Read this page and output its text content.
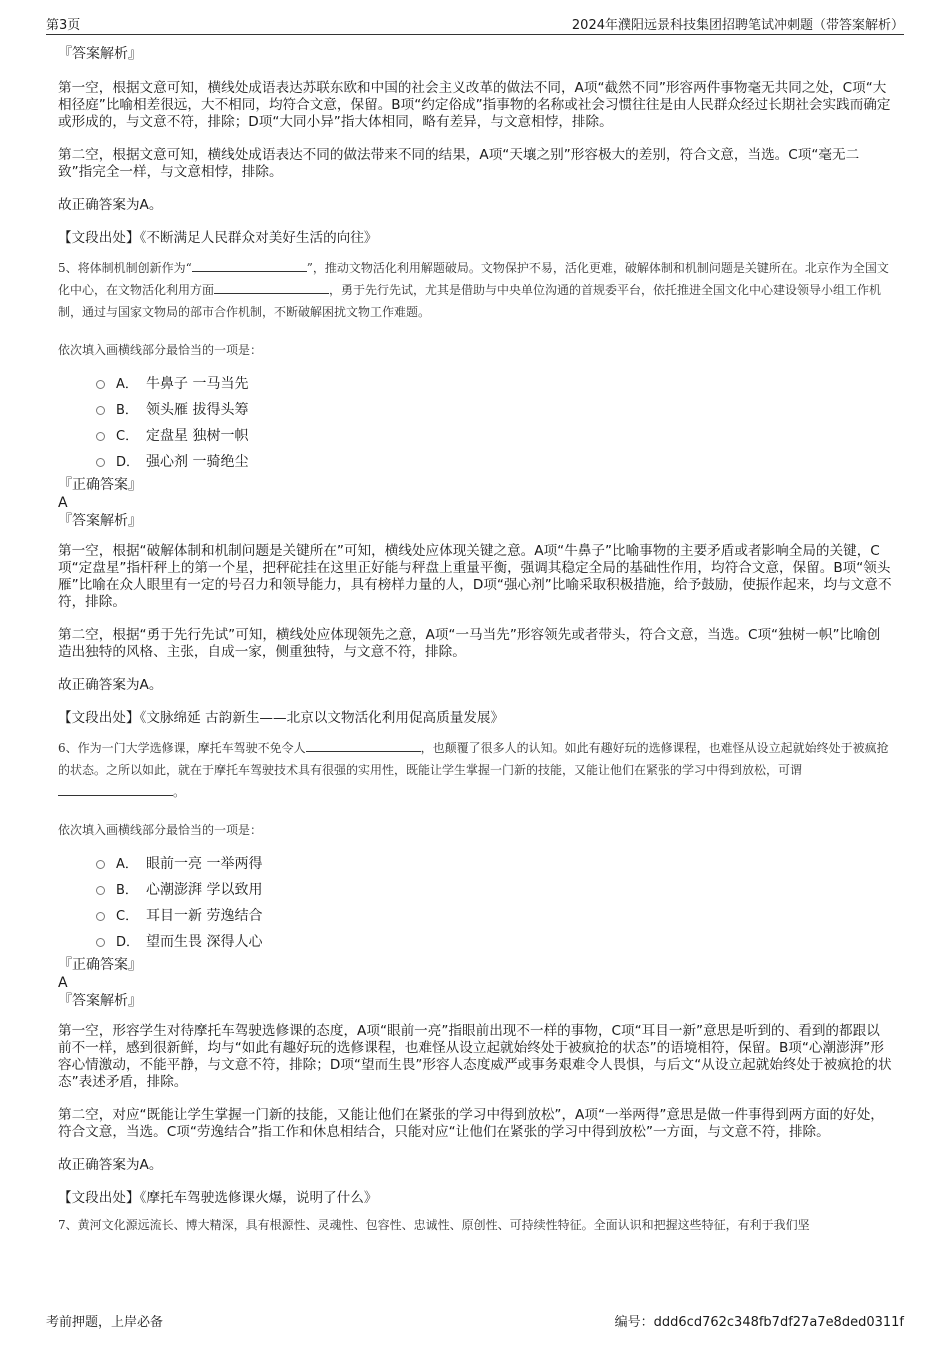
第3页	2024年濮阳远景科技集团招聘笔试冲刺题（带答案解析）

『答案解析』

第一空，根据文意可知，横线处成语表达苏联东欧和中国的社会主义改革的做法不同，A项“截然不同”形容两件事物毫无共同之处，C项“大相径庭”比喻相差很远，大不相同，均符合文意，保留。B项“约定俗成”指事物的名称或社会习惯往往是由人民群众经过长期社会实践而确定或形成的，与文意不符，排除；D项“大同小异”指大体相同，略有差异，与文意相悖，排除。

第二空，根据文意可知，横线处成语表达不同的做法带来不同的结果，A项“天壤之别”形容极大的差别，符合文意，当选。C项“毫无二致”指完全一样，与文意相悖，排除。

故正确答案为A。

【文段出处】《不断满足人民群众对美好生活的向往》

5、将体制机制创新作为“	”，推动文物活化利用解题破局。文物保护不易，活化更难，破解体制和机制问题是关键所在。北京作为全国文化中心，在文物活化利用方面	，勇于先行先试，尤其是借助与中央单位沟通的首规委平台，依托推进全国文化中心建设领导小组工作机制，通过与国家文物局的部市合作机制，不断破解困扰文物工作难题。

依次填入画横线部分最恰当的一项是：

A． 牛鼻子 一马当先
B． 领头雁 拔得头筹
C． 定盘星 独树一帜
D． 强心剂 一骑绝尘

『正确答案』

A

『答案解析』

第一空，根据“破解体制和机制问题是关键所在”可知，横线处应体现关键之意。A项“牛鼻子”比喻事物的主要矛盾或者影响全局的关键，C项“定盘星”指杆秤上的第一个星，把秤砣挂在这里正好能与秤盘上重量平衡，强调其稳定全局的基础性作用，均符合文意，保留。B项“领头雁”比喻在众人眼里有一定的号召力和领导能力，具有榜样力量的人，D项“强心剂”比喻采取积极措施，给予鼓励，使振作起来，均与文意不符，排除。

第二空，根据“勇于先行先试”可知，横线处应体现领先之意，A项“一马当先”形容领先或者带头，符合文意，当选。C项“独树一帜”比喻创造出独特的风格、主张，自成一家，侧重独特，与文意不符，排除。

故正确答案为A。

【文段出处】《文脉绵延 古韵新生——北京以文物活化利用促高质量发展》

6、作为一门大学选修课，摩托车驾驶不免令人	，也颠覆了很多人的认知。如此有趣好玩的选修课程，也难怪从设立起就始终处于被疯抢的状态。之所以如此，就在于摩托车驾驶技术具有很强的实用性，既能让学生掌握一门新的技能，又能让他们在紧张的学习中得到放松，可谓。

依次填入画横线部分最恰当的一项是：

A． 眼前一亮 一举两得
B． 心潮澎湃 学以致用
C． 耳目一新 劳逸结合
D． 望而生畏 深得人心

『正确答案』

A

『答案解析』

第一空，形容学生对待摩托车驾驶选修课的态度，A项“眼前一亮”指眼前出现不一样的事物，C项“耳目一新”意思是听到的、看到的都跟以前不一样，感到很新鲜，均与“如此有趣好玩的选修课程，也难怪从设立起就始终处于被疯抢的状态”的语境相符，保留。B项“心潮澎湃”形容心情激动，不能平静，与文意不符，排除；D项“望而生畏”形容人态度威严或事务艰难令人畏惧，与后文“从设立起就始终处于被疯抢的状态”表述矛盾，排除。

第二空，对应“既能让学生掌握一门新的技能，又能让他们在紧张的学习中得到放松”，A项“一举两得”意思是做一件事得到两方面的好处，符合文意，当选。C项“劳逸结合”指工作和休息相结合，只能对应“让他们在紧张的学习中得到放松”一方面，与文意不符，排除。

故正确答案为A。

【文段出处】《摩托车驾驶选修课火爆，说明了什么》

7、黄河文化源远流长、博大精深，具有根源性、灵魂性、包容性、忠诚性、原创性、可持续性特征。全面认识和把握这些特征，有利于我们坚

考前押题，上岸必备	编号：ddd6cd762c348fb7df27a7e8ded0311f
